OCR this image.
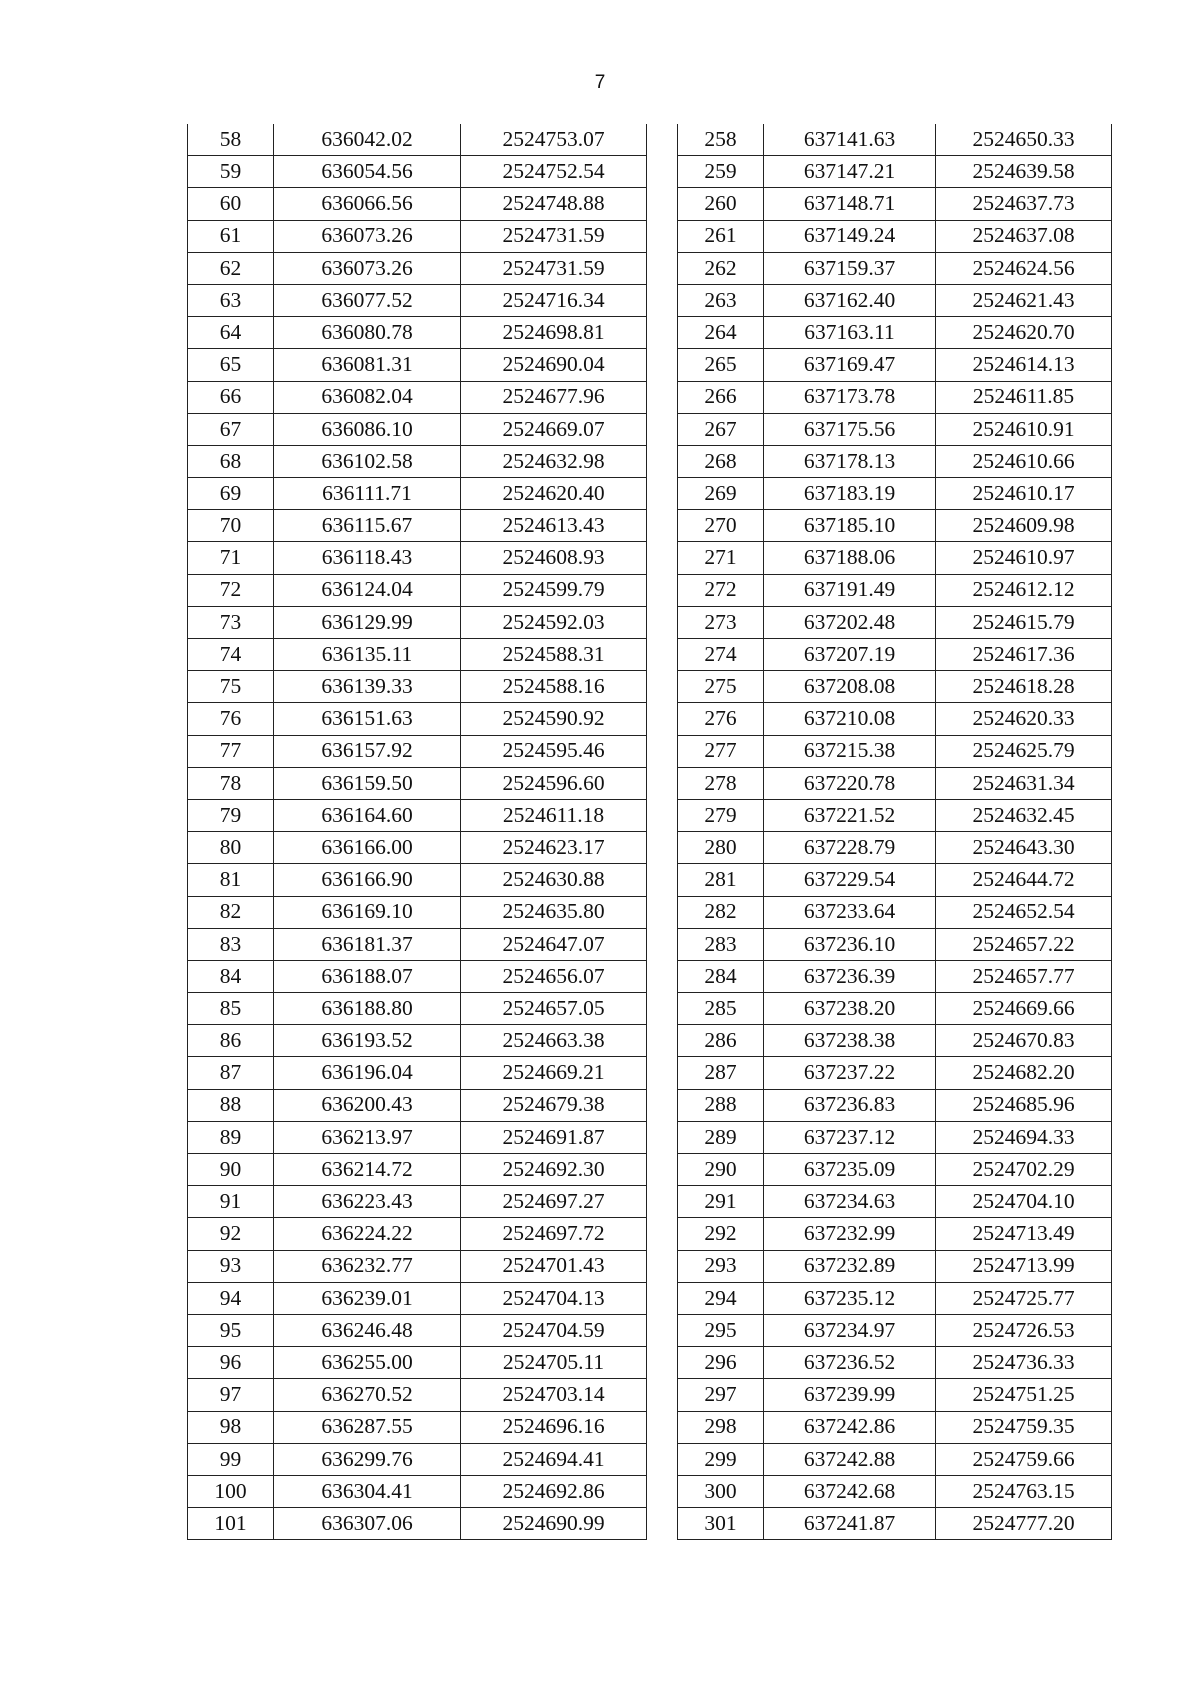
7
58	636042.02	2524753.07
59	636054.56	2524752.54
60	636066.56	2524748.88
61	636073.26	2524731.59
62	636073.26	2524731.59
63	636077.52	2524716.34
64	636080.78	2524698.81
65	636081.31	2524690.04
66	636082.04	2524677.96
67	636086.10	2524669.07
68	636102.58	2524632.98
69	636111.71	2524620.40
70	636115.67	2524613.43
71	636118.43	2524608.93
72	636124.04	2524599.79
73	636129.99	2524592.03
74	636135.11	2524588.31
75	636139.33	2524588.16
76	636151.63	2524590.92
77	636157.92	2524595.46
78	636159.50	2524596.60
79	636164.60	2524611.18
80	636166.00	2524623.17
81	636166.90	2524630.88
82	636169.10	2524635.80
83	636181.37	2524647.07
84	636188.07	2524656.07
85	636188.80	2524657.05
86	636193.52	2524663.38
87	636196.04	2524669.21
88	636200.43	2524679.38
89	636213.97	2524691.87
90	636214.72	2524692.30
91	636223.43	2524697.27
92	636224.22	2524697.72
93	636232.77	2524701.43
94	636239.01	2524704.13
95	636246.48	2524704.59
96	636255.00	2524705.11
97	636270.52	2524703.14
98	636287.55	2524696.16
99	636299.76	2524694.41
100	636304.41	2524692.86
101	636307.06	2524690.99
258	637141.63	2524650.33
259	637147.21	2524639.58
260	637148.71	2524637.73
261	637149.24	2524637.08
262	637159.37	2524624.56
263	637162.40	2524621.43
264	637163.11	2524620.70
265	637169.47	2524614.13
266	637173.78	2524611.85
267	637175.56	2524610.91
268	637178.13	2524610.66
269	637183.19	2524610.17
270	637185.10	2524609.98
271	637188.06	2524610.97
272	637191.49	2524612.12
273	637202.48	2524615.79
274	637207.19	2524617.36
275	637208.08	2524618.28
276	637210.08	2524620.33
277	637215.38	2524625.79
278	637220.78	2524631.34
279	637221.52	2524632.45
280	637228.79	2524643.30
281	637229.54	2524644.72
282	637233.64	2524652.54
283	637236.10	2524657.22
284	637236.39	2524657.77
285	637238.20	2524669.66
286	637238.38	2524670.83
287	637237.22	2524682.20
288	637236.83	2524685.96
289	637237.12	2524694.33
290	637235.09	2524702.29
291	637234.63	2524704.10
292	637232.99	2524713.49
293	637232.89	2524713.99
294	637235.12	2524725.77
295	637234.97	2524726.53
296	637236.52	2524736.33
297	637239.99	2524751.25
298	637242.86	2524759.35
299	637242.88	2524759.66
300	637242.68	2524763.15
301	637241.87	2524777.20
